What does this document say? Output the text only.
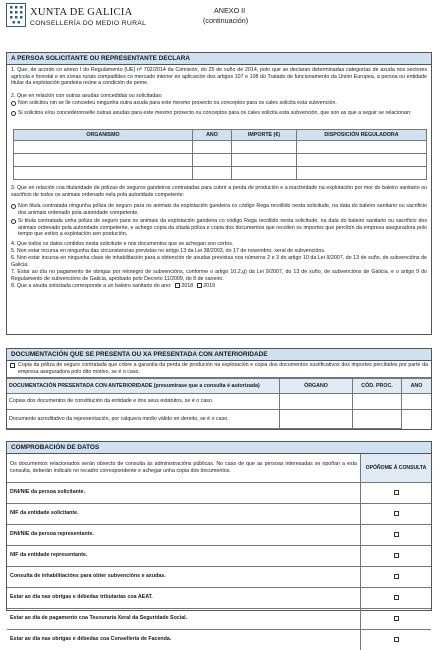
XUNTA DE GALICIA
CONSELLERÍA DO MEDIO RURAL
ANEXO II
(continuación)
A PERSOA SOLICITANTE OU REPRESENTANTE DECLARA
1. Que, de acordo co anexo I do Regulamento (UE) nº 702/2014 da Comisión, do 25 de xuño de 2014, polo que se declaran determinadas categorías de axuda nos sectores agrícola e forestal e en zonas rurais compatibles co mercado interior en aplicación dos artigos 107 e 108 do Tratado de funcionamento da Unión Europea, a persoa ou entidade titular da explotación gandeira reúne a condición de peme.
2. Que en relación con outras axudas concedidas ou solicitadas:
Non solicitou nin se lle concedeu ningunha outra axuda para este mesmo proxecto ou conceptos para os cales solicita esta subvención.
Si solicitou e/ou concedéronselle outras axudas para este mesmo proxecto ou conceptos para os cales solicita esta subvención, que son as que a seguir se relacionan:
ORGANISMO	ANO	IMPORTE (€)	DISPOSICIÓN REGULADORA

3. Que en relación coa titularidade de pólizas de seguros gandeiros contratadas para cubrir a perda de produción e a inactividade na explotación por mor do baleiro sanitario ou sacrificio de todos os animais ordenado nela pola autoridade competente:
Non titula contratada ningunha póliza de seguro para os animais da explotación gandeira co código Rega recollido nesta solicitude, na data do baleiro sanitario ou sacrificio dos animais ordenado pola autoridade competente.
Si titula contratada unha póliza de seguro para os animais da explotación gandeira co código Rega recollido nesta solicitude, na data do baleiro sanitario ou sacrificio dos animais ordenado pola autoridade competente, e achego copia da citada póliza e copia dos documentos que recollen os importes que percibín da empresa aseguradora polo tempo que estivo a explotación sen produción.
4. Que todos os datos contidos nesta solicitude e nos documentos que se achegan son certos.
5. Non estar incursa en ningunha das circunstancias previstas no artigo 13 da Lei 38/2003, do 17 de novembro, xeral de subvencións.
6. Non estar incursa en ningunha clase de inhabilitación para a obtención de axudas previstas nos números 2 e 3 do artigo 10 da Lei 9/2007, do 13 de xuño, de subvencións de Galicia.
7. Estar ao día no pagamento de obrigas por reintegro de subvencións, conforme o artigo 10.2.g) da Lei 9/2007, do 13 de xuño, de subvencións de Galicia, e o artigo 9 do Regulamento de subvencións de Galicia, aprobado polo Decreto 11/2009, do 8 de xaneiro.
8. Que a axuda solicitada corresponde a un baleiro sanitario do ano: 2018 2019
DOCUMENTACIÓN QUE SE PRESENTA OU XA PRESENTADA CON ANTERIORIDADE
Copia da póliza de seguro contratada que cobre a garantía da perda de produción na explotación e copia dos documentos xustificativos dos importes percibidos por parte da empresa aseguradora polo dito motivo, se é o caso.
DOCUMENTACIÓN PRESENTADA CON ANTERIORIDADE (presumirase que a consulta é autorizada)	ÓRGANO	CÓD. PROC.	ANO
Copias dos documentos de constitución da entidade e dos seus estatutos, se é o caso.			
Documento acreditativo da representación, por calquera medio válido en dereito, se é o caso.			
COMPROBACIÓN DE DATOS
Os documentos relacionados serán obxecto de consulta ás administracións públicas. No caso de que as persoas interesadas se opoñan a esta consulta, deberán indicalo no recadro correspondente e achegar unha copia dos documentos.	OPÓÑOME Á CONSULTA
DNI/NIE da persoa solicitante.	
NIF da entidade solicitante.	
DNI/NIE da persoa representante.	
NIF da entidade representante.	
Consulta de inhabilitacións para obter subvencións e axudas.	
Estar ao día nas obrigas e débedas tributarias coa AEAT.	
Estar ao día de pagamento coa Tesouraría Xeral da Seguridade Social.	
Estar ao día nas obrigas e débedas coa Consellería de Facenda.	
